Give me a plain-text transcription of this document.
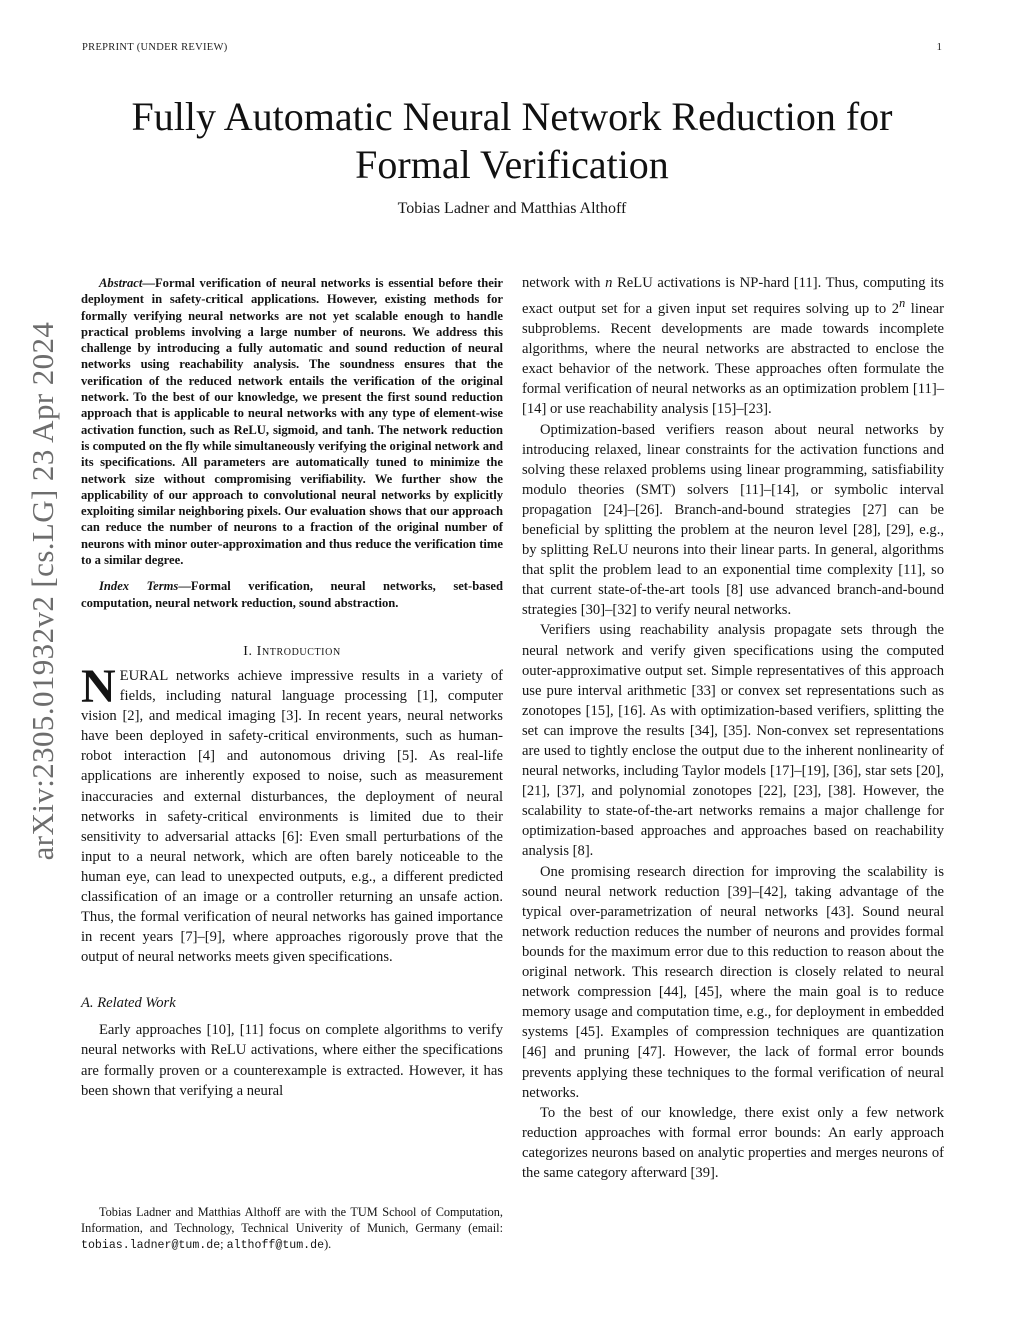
PREPRINT (UNDER REVIEW)	1
arXiv:2305.01932v2 [cs.LG] 23 Apr 2024
Fully Automatic Neural Network Reduction for Formal Verification
Tobias Ladner and Matthias Althoff

Abstract—Formal verification of neural networks is essential before their deployment in safety-critical applications. However, existing methods for formally verifying neural networks are not yet scalable enough to handle practical problems involving a large number of neurons. We address this challenge by introducing a fully automatic and sound reduction of neural networks using reachability analysis. The soundness ensures that the verification of the reduced network entails the verification of the original network. To the best of our knowledge, we present the first sound reduction approach that is applicable to neural networks with any type of element-wise activation function, such as ReLU, sigmoid, and tanh. The network reduction is computed on the fly while simultaneously verifying the original network and its specifications. All parameters are automatically tuned to minimize the network size without compromising verifiability. We further show the applicability of our approach to convolutional neural networks by explicitly exploiting similar neighboring pixels. Our evaluation shows that our approach can reduce the number of neurons to a fraction of the original number of neurons with minor outer-approximation and thus reduce the verification time to a similar degree.

Index Terms—Formal verification, neural networks, set-based computation, neural network reduction, sound abstraction.

I. Introduction

NEURAL networks achieve impressive results in a variety of fields, including natural language processing [1], computer vision [2], and medical imaging [3]. In recent years, neural networks have been deployed in safety-critical environments, such as human-robot interaction [4] and autonomous driving [5]. As real-life applications are inherently exposed to noise, such as measurement inaccuracies and external disturbances, the deployment of neural networks in safety-critical environments is limited due to their sensitivity to adversarial attacks [6]: Even small perturbations of the input to a neural network, which are often barely noticeable to the human eye, can lead to unexpected outputs, e.g., a different predicted classification of an image or a controller returning an unsafe action. Thus, the formal verification of neural networks has gained importance in recent years [7]–[9], where approaches rigorously prove that the output of neural networks meets given specifications.

A. Related Work

Early approaches [10], [11] focus on complete algorithms to verify neural networks with ReLU activations, where either the specifications are formally proven or a counterexample is extracted. However, it has been shown that verifying a neural

Tobias Ladner and Matthias Althoff are with the TUM School of Computation, Information, and Technology, Technical Univerity of Munich, Germany (email: tobias.ladner@tum.de; althoff@tum.de).

network with n ReLU activations is NP-hard [11]. Thus, computing its exact output set for a given input set requires solving up to 2$^n$ linear subproblems. Recent developments are made towards incomplete algorithms, where the neural networks are abstracted to enclose the exact behavior of the network. These approaches often formulate the formal verification of neural networks as an optimization problem [11]–[14] or use reachability analysis [15]–[23].

Optimization-based verifiers reason about neural networks by introducing relaxed, linear constraints for the activation functions and solving these relaxed problems using linear programming, satisfiability modulo theories (SMT) solvers [11]–[14], or symbolic interval propagation [24]–[26]. Branch-and-bound strategies [27] can be beneficial by splitting the problem at the neuron level [28], [29], e.g., by splitting ReLU neurons into their linear parts. In general, algorithms that split the problem lead to an exponential time complexity [11], so that current state-of-the-art tools [8] use advanced branch-and-bound strategies [30]–[32] to verify neural networks.

Verifiers using reachability analysis propagate sets through the neural network and verify given specifications using the computed outer-approximative output set. Simple representatives of this approach use pure interval arithmetic [33] or convex set representations such as zonotopes [15], [16]. As with optimization-based verifiers, splitting the set can improve the results [34], [35]. Non-convex set representations are used to tightly enclose the output due to the inherent nonlinearity of neural networks, including Taylor models [17]–[19], [36], star sets [20], [21], [37], and polynomial zonotopes [22], [23], [38]. However, the scalability to state-of-the-art networks remains a major challenge for optimization-based approaches and approaches based on reachability analysis [8].

One promising research direction for improving the scalability is sound neural network reduction [39]–[42], taking advantage of the typical over-parametrization of neural networks [43]. Sound neural network reduction reduces the number of neurons and provides formal bounds for the maximum error due to this reduction to reason about the original network. This research direction is closely related to neural network compression [44], [45], where the main goal is to reduce memory usage and computation time, e.g., for deployment in embedded systems [45]. Examples of compression techniques are quantization [46] and pruning [47]. However, the lack of formal error bounds prevents applying these techniques to the formal verification of neural networks.

To the best of our knowledge, there exist only a few network reduction approaches with formal error bounds: An early approach categorizes neurons based on analytic properties and merges neurons of the same category afterward [39].
